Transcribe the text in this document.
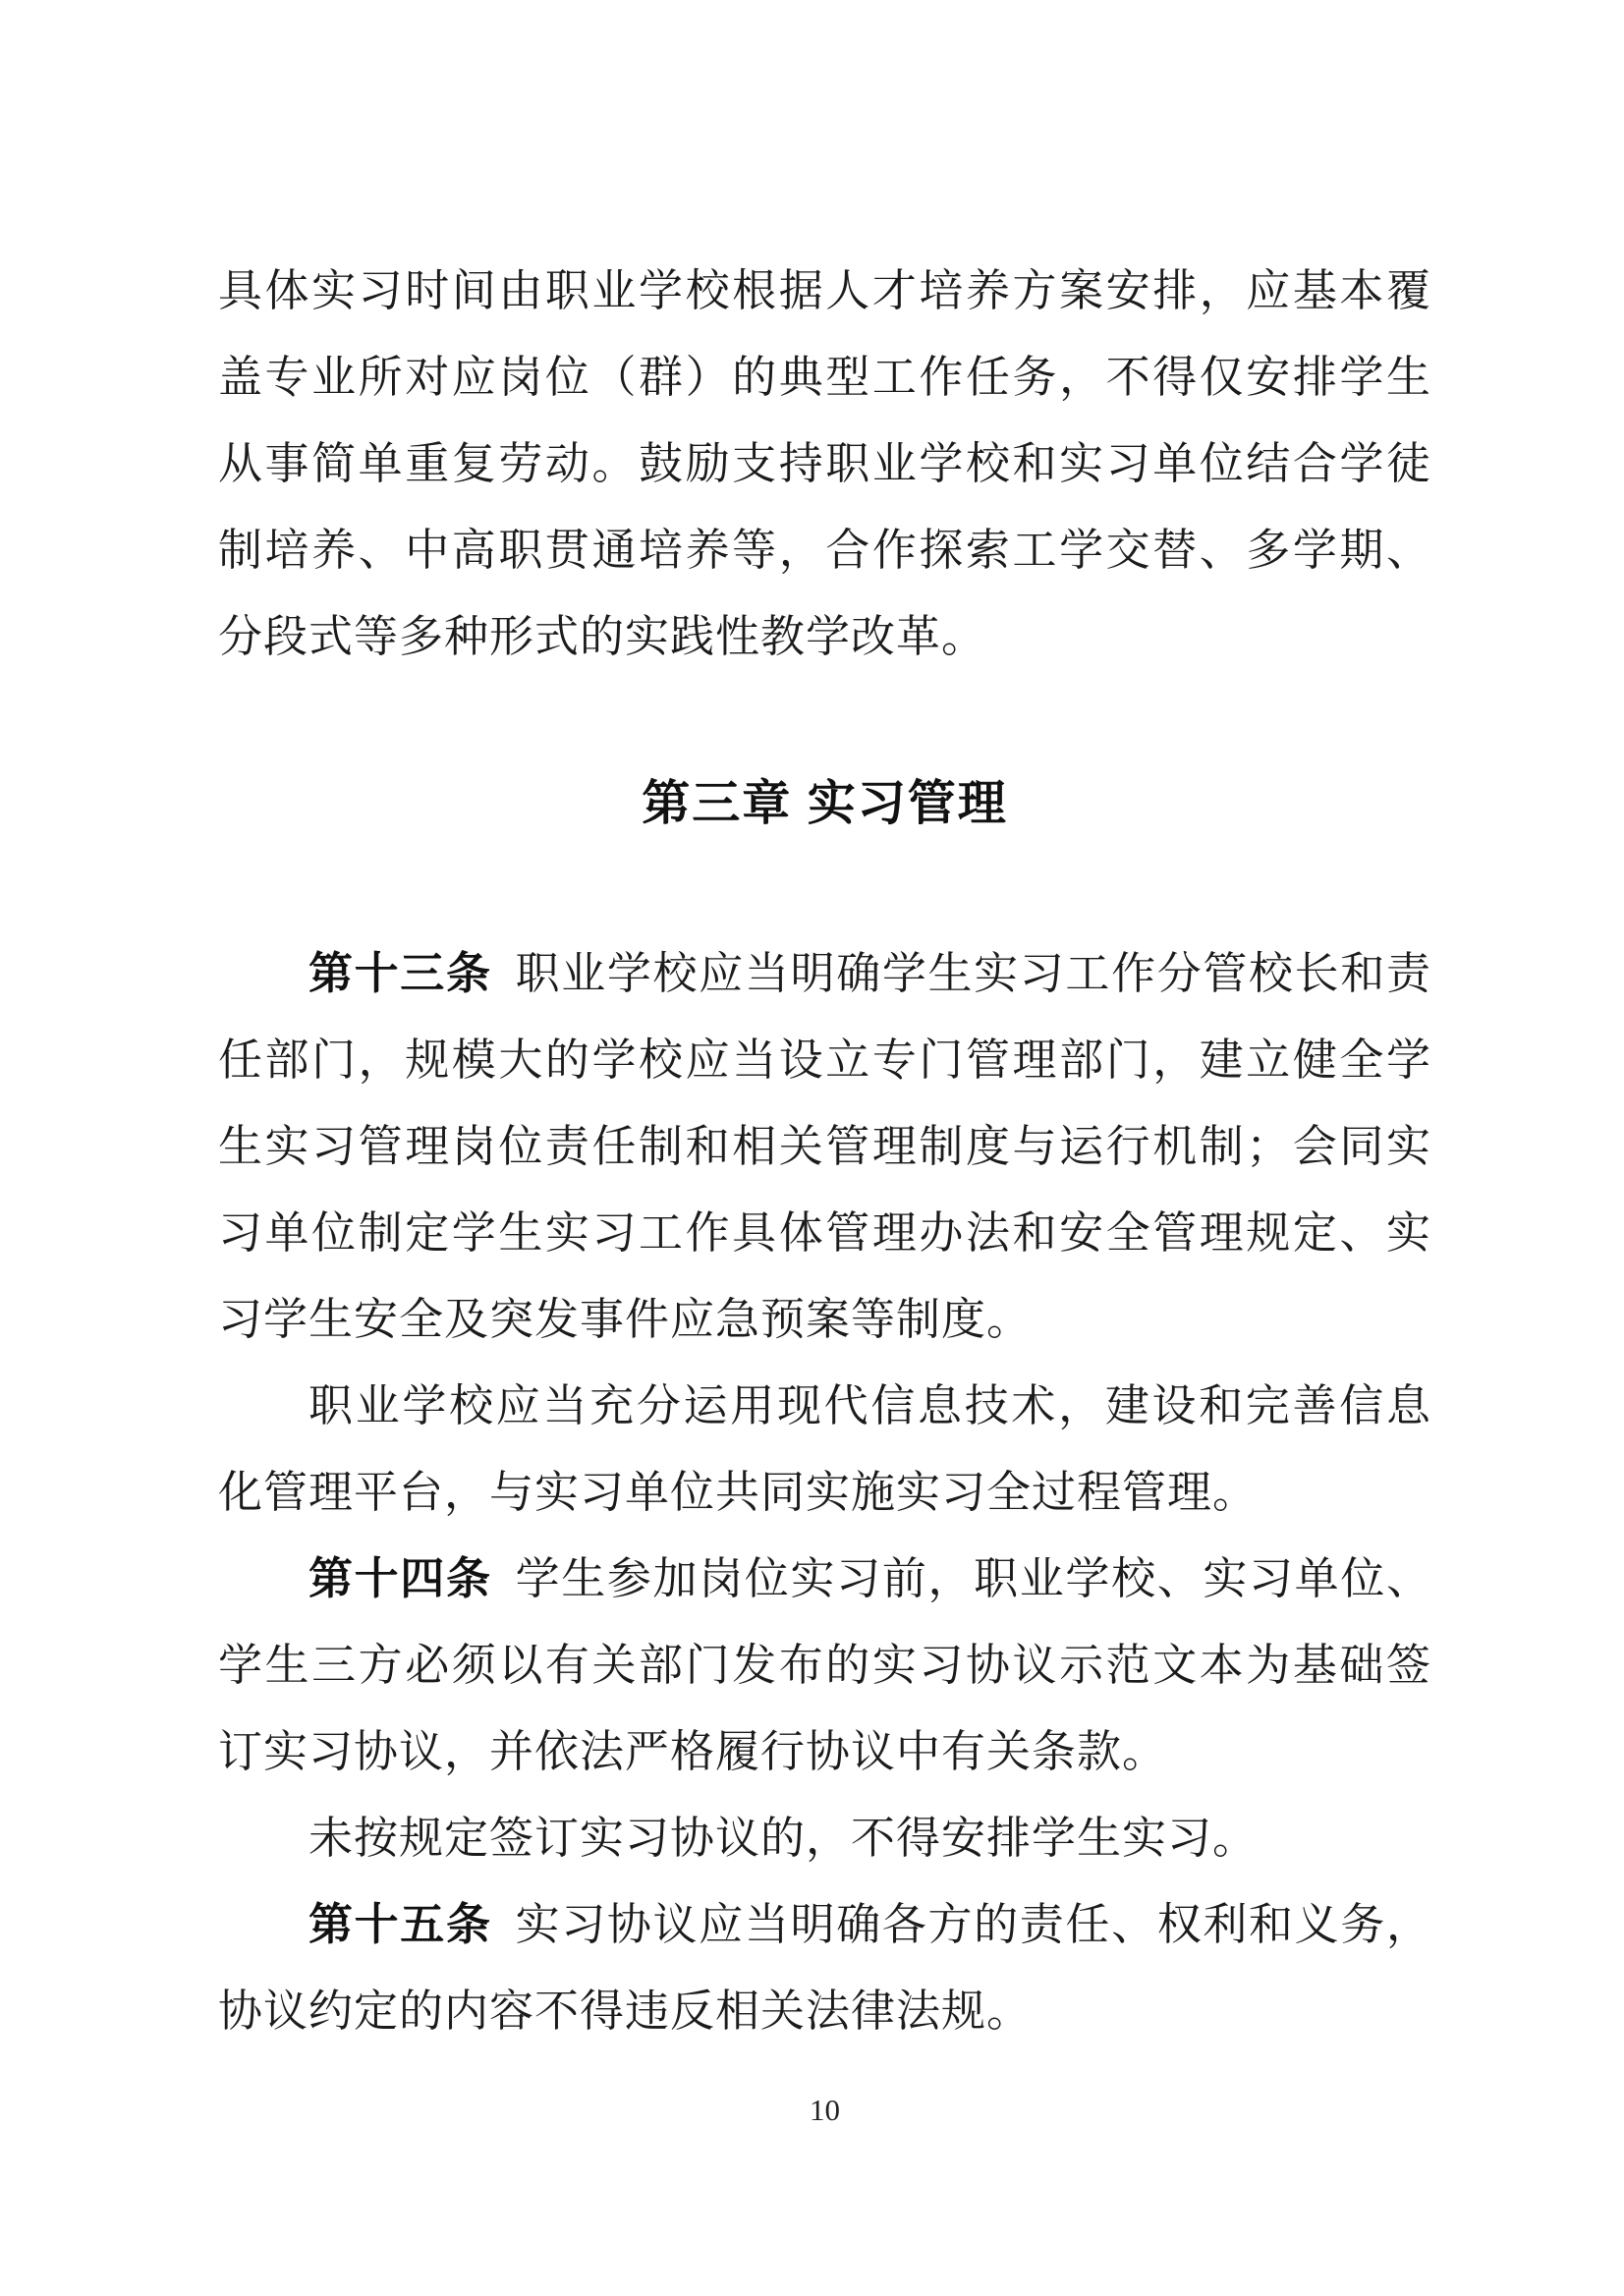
具体实习时间由职业学校根据人才培养方案安排，应基本覆盖专业所对应岗位（群）的典型工作任务，不得仅安排学生从事简单重复劳动。鼓励支持职业学校和实习单位结合学徒制培养、中高职贯通培养等，合作探索工学交替、多学期、分段式等多种形式的实践性教学改革。

第三章 实习管理

第十三条 职业学校应当明确学生实习工作分管校长和责任部门，规模大的学校应当设立专门管理部门，建立健全学生实习管理岗位责任制和相关管理制度与运行机制；会同实习单位制定学生实习工作具体管理办法和安全管理规定、实习学生安全及突发事件应急预案等制度。

职业学校应当充分运用现代信息技术，建设和完善信息化管理平台，与实习单位共同实施实习全过程管理。

第十四条 学生参加岗位实习前，职业学校、实习单位、学生三方必须以有关部门发布的实习协议示范文本为基础签订实习协议，并依法严格履行协议中有关条款。

未按规定签订实习协议的，不得安排学生实习。

第十五条 实习协议应当明确各方的责任、权利和义务，协议约定的内容不得违反相关法律法规。

10
